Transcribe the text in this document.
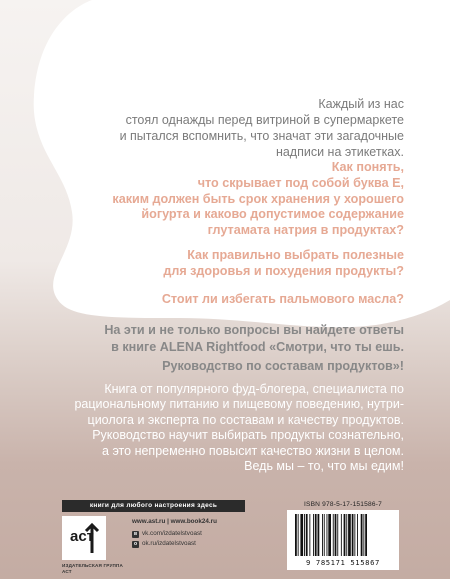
Каждый из нас
стоял однажды перед витриной в супермаркете
и пытался вспомнить, что значат эти загадочные
надписи на этикетках.
Как понять,
что скрывает под собой буква Е,
каким должен быть срок хранения у хорошего
йогурта и каково допустимое содержание
глутамата натрия в продуктах?
Как правильно выбрать полезные
для здоровья и похудения продукты?
Стоит ли избегать пальмового масла?

На эти и не только вопросы вы найдете ответы

в книге ALENA Rightfood «Смотри, что ты ешь.

Руководство по составам продуктов»!

Книга от популярного фуд-блогера, специалиста по

рациональному питанию и пищевому поведению, нутри-

циолога и эксперта по составам и качеству продуктов.

Руководство научит выбирать продукты сознательно,

а это непременно повысит качество жизни в целом.

Ведь мы – то, что мы едим!

книги для любого настроения здесь
аст
ИЗДАТЕЛЬСКАЯ ГРУППА АСТ
www.ast.ru | www.book24.ru
в vk.com/izdatelstvoast
о ok.ru/izdatelstvoast
ISBN 978-5-17-151586-7
9 785171 515867
